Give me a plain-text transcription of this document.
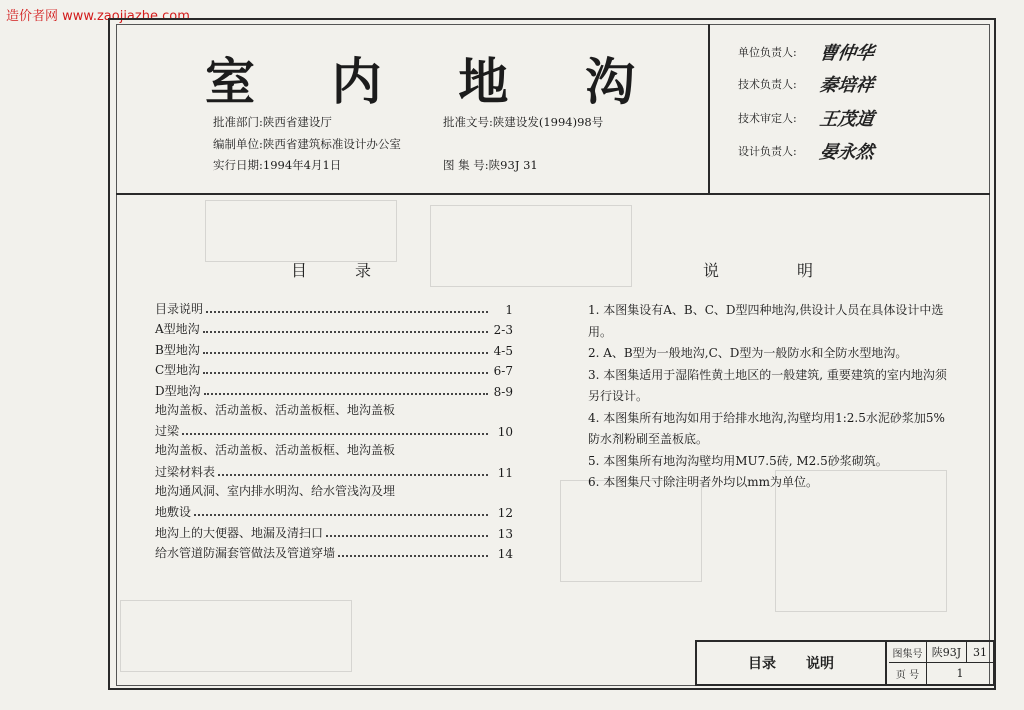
造价者网 www.zaojiazhe.com
室 内 地 沟
批准部门:陕西省建设厅	批准文号:陕建设发(1994)98号
编制单位:陕西省建筑标准设计办公室
实行日期:1994年4月1日	图 集 号:陕93J 31
单位负责人:	曹仲华
技术负责人:	秦培祥
技术审定人:	王茂道
设计负责人:	晏永然
目	录
目录说明	1
A型地沟	2-3
B型地沟	4-5
C型地沟	6-7
D型地沟	8-9
地沟盖板、活动盖板、活动盖板框、地沟盖板
过梁	10
地沟盖板、活动盖板、活动盖板框、地沟盖板
过梁材料表	11
地沟通风洞、室内排水明沟、给水管浅沟及埋
地敷设	12
地沟上的大便器、地漏及清扫口	13
给水管道防漏套管做法及管道穿墙	14
说	明

1. 本图集设有A、B、C、D型四种地沟,供设计人员在具体设计中选用。

2. A、B型为一般地沟,C、D型为一般防水和全防水型地沟。

3. 本图集适用于湿陷性黄土地区的一般建筑, 重要建筑的室内地沟须另行设计。

4. 本图集所有地沟如用于给排水地沟,沟壁均用1:2.5水泥砂浆加5%防水剂粉刷至盖板底。

5. 本图集所有地沟沟壁均用MU7.5砖, M2.5砂浆砌筑。

6. 本图集尺寸除注明者外均以mm为单位。

目录 说明
图集号 陕93J	31
页 号	1
